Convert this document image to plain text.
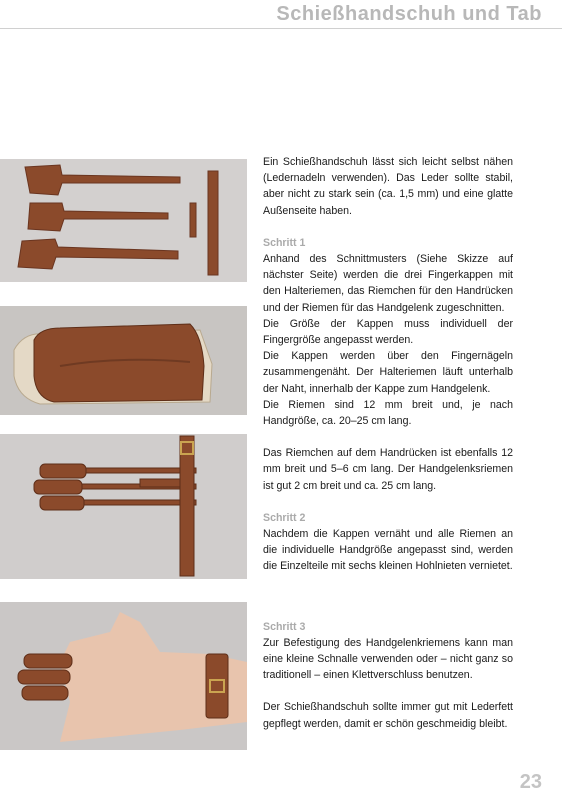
Schießhandschuh und Tab

Ein Schießhandschuh lässt sich leicht selbst nähen (Ledernadeln verwenden). Das Leder sollte stabil, aber nicht zu stark sein (ca. 1,5 mm) und eine glatte Außenseite haben.

Schritt 1

Anhand des Schnittmusters (Siehe Skizze auf nächster Seite) werden die drei Fingerkappen mit den Halteriemen, das Riemchen für den Handrücken und der Riemen für das Handgelenk zugeschnitten.

Die Größe der Kappen muss individuell der Fingergröße angepasst werden.

Die Kappen werden über den Fingernägeln zusammengenäht. Der Halteriemen läuft unterhalb der Naht, innerhalb der Kappe zum Handgelenk.

Die Riemen sind 12 mm breit und, je nach Handgröße, ca. 20–25 cm lang.

Das Riemchen auf dem Handrücken ist ebenfalls 12 mm breit und 5–6 cm lang. Der Handgelenksriemen ist gut 2 cm breit und ca. 25 cm lang.

Schritt 2

Nachdem die Kappen vernäht und alle Riemen an die individuelle Handgröße angepasst sind, werden die Einzelteile mit sechs kleinen Hohlnieten vernietet.

Schritt 3

Zur Befestigung des Handgelenkriemens kann man eine kleine Schnalle verwenden oder – nicht ganz so traditionell – einen Klettverschluss benutzen.

Der Schießhandschuh sollte immer gut mit Lederfett gepflegt werden, damit er schön geschmeidig bleibt.

23
